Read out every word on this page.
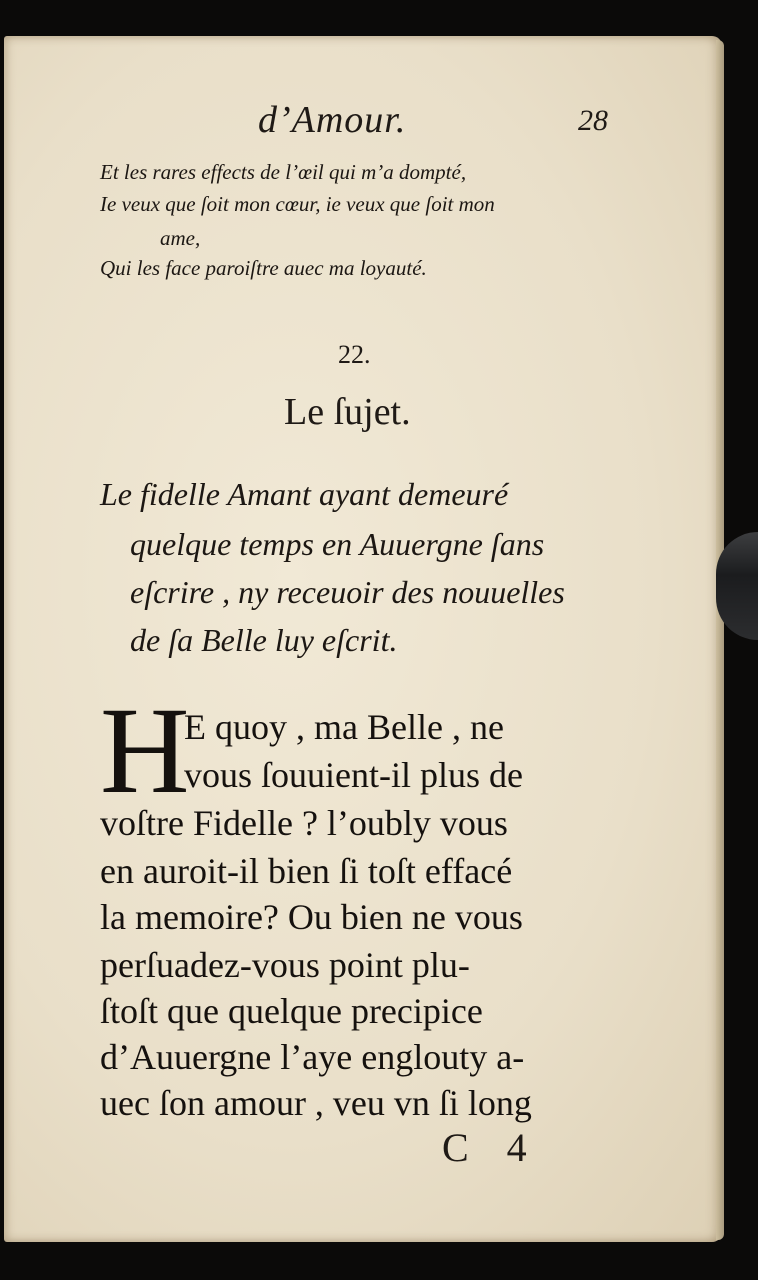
d’Amour.	28
Et les rares effects de l’œil qui m’a dompté,
Ie veux que ſoit mon cœur, ie veux que ſoit mon
ame,
Qui les face paroiſtre auec ma loyauté.
22.
Le ſujet.
Le fidelle Amant ayant demeuré
quelque temps en Auuergne ſans
eſcrire , ny receuoir des nouuelles
de ſa Belle luy eſcrit.
H
E quoy , ma Belle , ne
vous ſouuient-il plus de
voſtre Fidelle ? l’oubly vous
en auroit-il bien ſi toſt effacé
la memoire? Ou bien ne vous
perſuadez-vous point plu-
ſtoſt que quelque precipice
d’Auuergne l’aye englouty a-
uec ſon amour , veu vn ſi long
C 4
